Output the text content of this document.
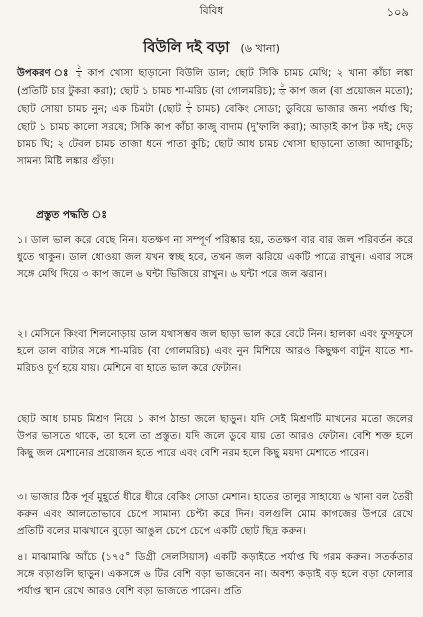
বিবিধ	১০৯
বিউলি দই বড়া (৬ খানা)

উপকরণ ঃ $\frac{১}{২}$ কাপ খোসা ছাড়ানো বিউলি ডাল; ছোট সিকি চামচ মেথি; ২ খানা কাঁচা লঙ্কা (প্রতিটি চার টুকরা করা); ছোট ১ চামচ শা-মরিচ (বা গোলমরিচ); $\frac{১}{৩}$ কাপ জল (বা প্রয়োজন মতো); ছোট সোয়া চামচ নুন; এক চিমটা (ছোট $\frac{১}{২}$ চামচ) বেকিং সোডা; ডুবিয়ে ভাজার জন্য পর্যাপ্ত ঘি; ছোট ১ চামচ কালো সরষে; সিকি কাপ কাঁচা কাজু বাদাম (দু'ফালি করা); আড়াই কাপ টক দই; দেড় চামচ ঘি; ২ টেবল চামচ তাজা ধনে পাতা কুচি; ছোট আধ চামচ খোসা ছাড়ানো তাজা আদাকুচি; সামন্য মিষ্টি লঙ্কার গুঁড়া।

প্রস্তুত পদ্ধতি ঃ

১। ডাল ভাল করে বেছে নিন। যতক্ষণ না সম্পূর্ণ পরিষ্কার হয়, ততক্ষণ বার বার জল পরিবর্তন করে ধুতে থাকুন। ডাল ধোওয়া জল যখন স্বচ্ছ হবে, তখন জল ঝরিয়ে একটি পাত্রে রাখুন। এবার সঙ্গে সঙ্গে মেথি দিয়ে ৩ কাপ জলে ৬ ঘন্টা ভিজিয়ে রাখুন। ৬ ঘন্টা পরে জল ঝরান।

২। মেসিনে কিংবা শিলনোড়ায় ডাল যথাসম্ভব জল ছাড়া ভাল করে বেটে নিন। হালকা এবং ফুসফুসে হলে ডাল বাটার সঙ্গে শা-মরিচ (বা গোলমরিচ) এবং নুন মিশিয়ে আরও কিছুক্ষণ বাটুন যাতে শা-মরিচও চূর্ণ হয়ে যায়। মেশিনে বা হাতে ভাল করে ফেটান।

ছোট আধ চামচ মিশ্রণ নিয়ে ১ কাপ ঠান্ডা জলে ছাড়ুন। যদি সেই মিশ্রণটি মাখনের মতো জলের উপর ভাসতে থাকে, তা হলে তা প্রস্তুত। যদি জলে ডুবে যায় তো আরও ফেটান। বেশি শক্ত হলে কিছু জল মেশানোর প্রয়োজন হতে পারে এবং বেশি নরম হলে কিছু ময়দা মেশাতে পারেন।

৩। ভাজার ঠিক পূর্ব মুহূর্তে ধীরে ধীরে বেকিং সোডা মেশান। হাতের তালুর সাহায্যে ৬ খানা বল তৈরী করুন এবং আলতোভাবে চেপে সামান্য চেপ্টা করে দিন। বলগুলি মোম কাগজের উপরে রেখে প্রতিটি বলের মাঝখানে বুড়ো আঙুল চেপে চেপে একটি ছোট ছিদ্র করুন।

৪। মাঝামাঝি আঁচে (১৭৫° ডিগ্রী সেলসিয়াস) একটি কড়াইতে পর্যাপ্ত ঘি গরম করুন। সতর্কতার সঙ্গে বড়াগুলি ছাড়ুন। একসঙ্গে ৬ টির বেশি বড়া ভাজবেন না। অবশ্য কড়াই বড় হলে বড়া ফোলার পর্যাপ্ত স্থান রেখে আরও বেশি বড়া ভাজতে পারেন। প্রতি
